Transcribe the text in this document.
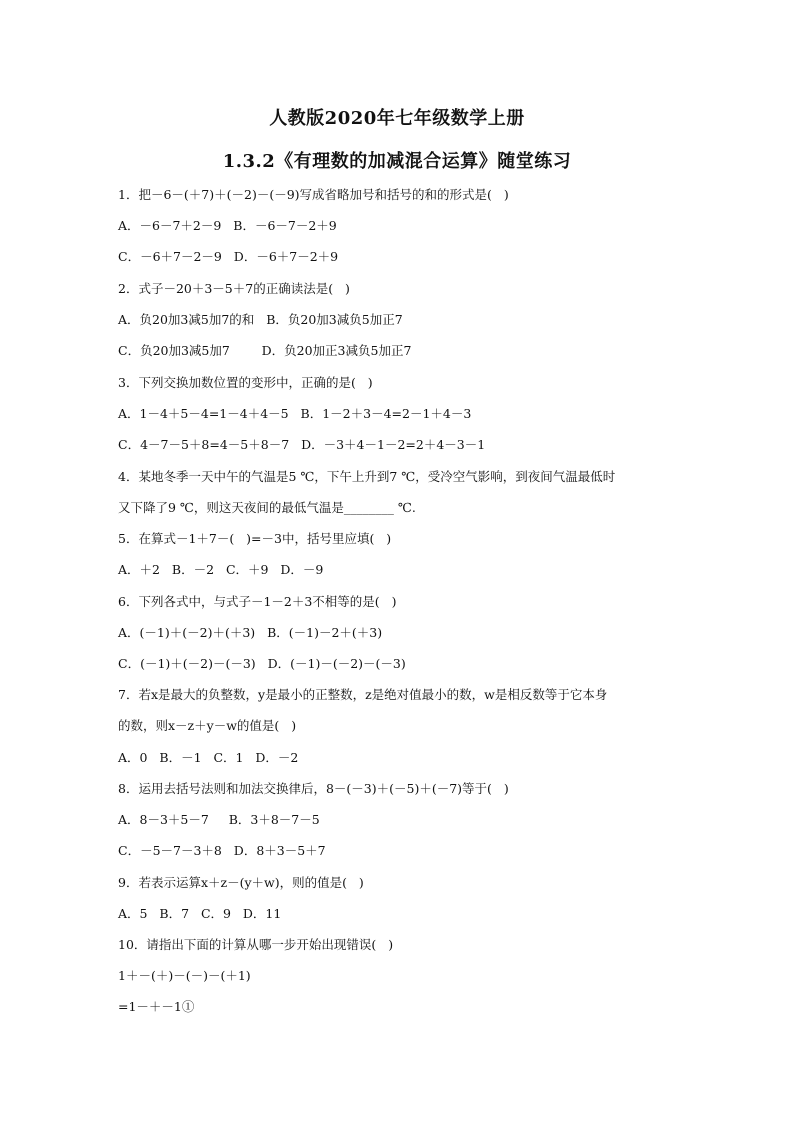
人教版2020年七年级数学上册
1.3.2《有理数的加减混合运算》随堂练习
1．把－6－(＋7)＋(－2)－(－9)写成省略加号和括号的和的形式是(   )
A．－6－7＋2－9   B．－6－7－2＋9
C．－6＋7－2－9   D．－6＋7－2＋9
2．式子－20＋3－5＋7的正确读法是(   )
A．负20加3减5加7的和   B．负20加3减负5加正7
C．负20加3减5加7        D．负20加正3减负5加正7
3．下列交换加数位置的变形中，正确的是(   )
A．1－4＋5－4=1－4＋4－5   B．1－2＋3－4=2－1＋4－3
C．4－7－5＋8=4－5＋8－7   D．－3＋4－1－2=2＋4－3－1
4．某地冬季一天中午的气温是5 ℃，下午上升到7 ℃，受冷空气影响，到夜间气温最低时
又下降了9 ℃，则这天夜间的最低气温是________ ℃.
5．在算式－1＋7－(   )=－3中，括号里应填(   )
A．＋2   B．－2   C．＋9   D．－9
6．下列各式中，与式子－1－2＋3不相等的是(   )
A．(－1)＋(－2)＋(＋3)   B．(－1)－2＋(＋3)
C．(－1)＋(－2)－(－3)   D．(－1)－(－2)－(－3)
7．若x是最大的负整数，y是最小的正整数，z是绝对值最小的数，w是相反数等于它本身
的数，则x－z＋y－w的值是(   )
A．0   B．－1   C．1   D．－2
8．运用去括号法则和加法交换律后，8－(－3)＋(－5)＋(－7)等于(   )
A．8－3＋5－7     B．3＋8－7－5
C．－5－7－3＋8   D．8＋3－5＋7
9．若表示运算x＋z－(y＋w)，则的值是(   )
A．5   B．7   C．9   D．11
10．请指出下面的计算从哪一步开始出现错误(   )
1＋－(＋)－(－)－(＋1)
=1－＋－1①
